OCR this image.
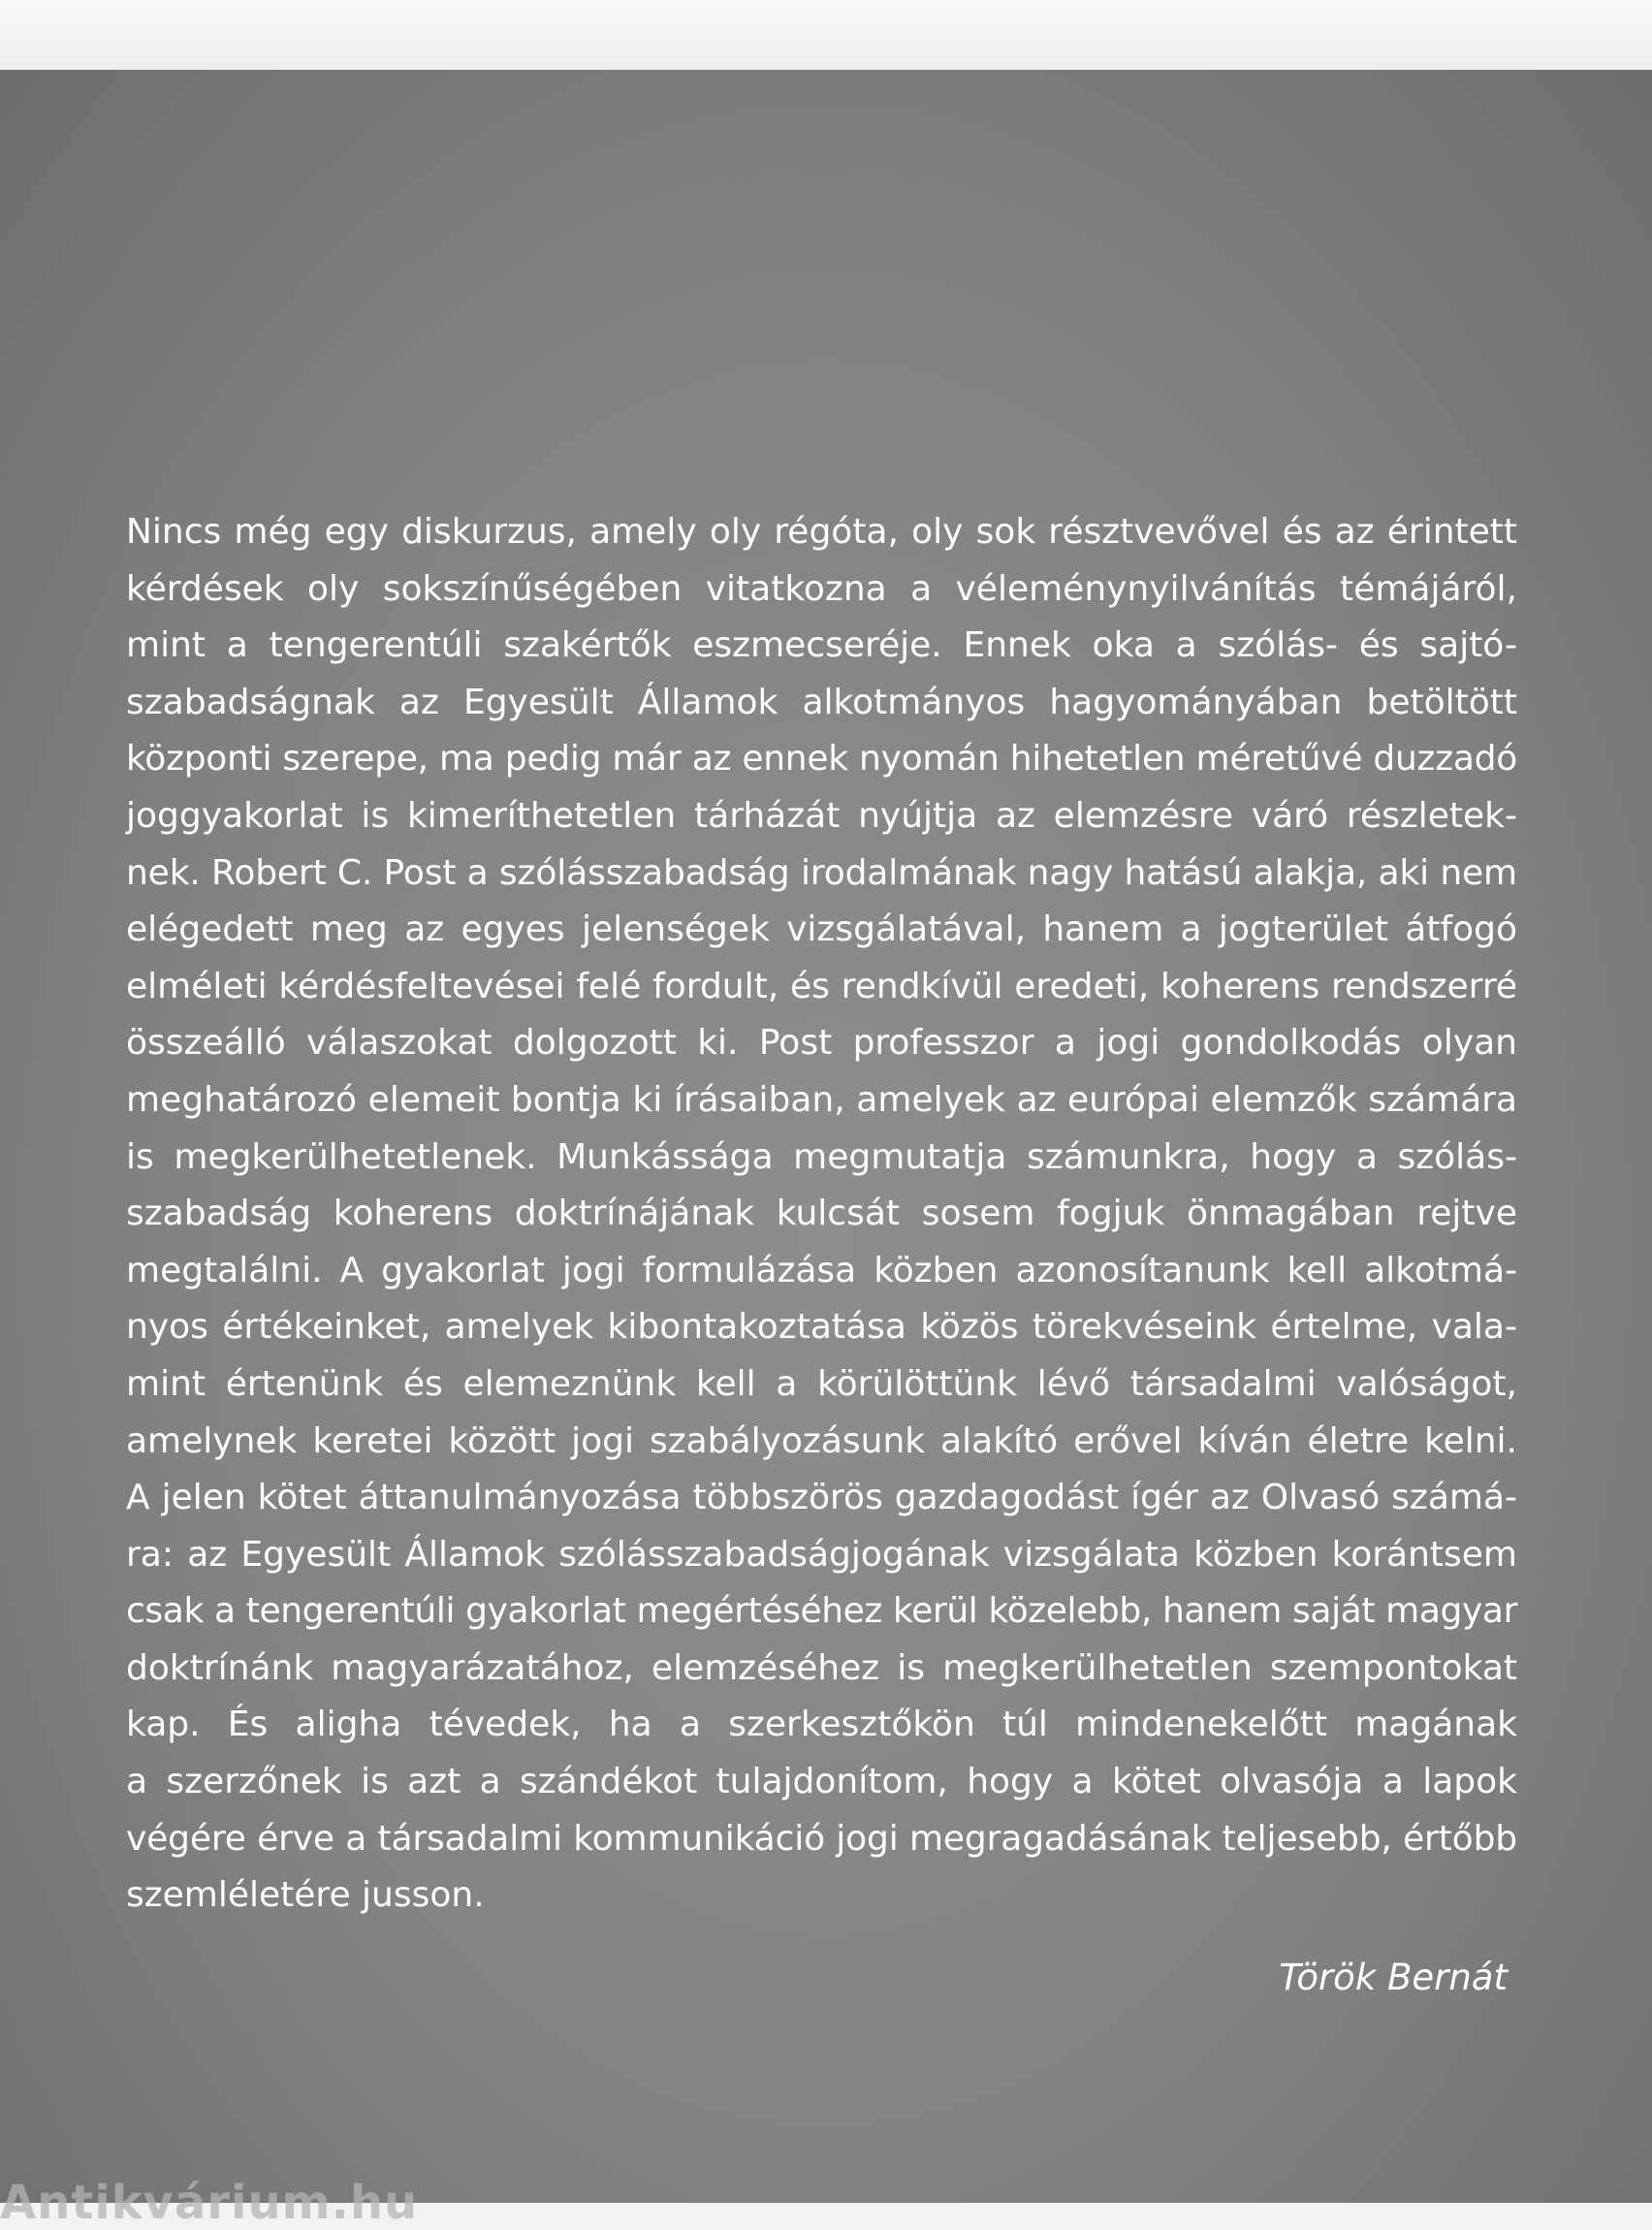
Nincs még egy diskurzus, amely oly régóta, oly sok résztvevővel és az érintett
kérdések oly sokszínűségében vitatkozna a véleménynyilvánítás témájáról,
mint a tengerentúli szakértők eszmecseréje. Ennek oka a szólás- és sajtó-
szabadságnak az Egyesült Államok alkotmányos hagyományában betöltött
központi szerepe, ma pedig már az ennek nyomán hihetetlen méretűvé duzzadó
joggyakorlat is kimeríthetetlen tárházát nyújtja az elemzésre váró részletek-
nek. Robert C. Post a szólásszabadság irodalmának nagy hatású alakja, aki nem
elégedett meg az egyes jelenségek vizsgálatával, hanem a jogterület átfogó
elméleti kérdésfeltevései felé fordult, és rendkívül eredeti, koherens rendszerré
összeálló válaszokat dolgozott ki. Post professzor a jogi gondolkodás olyan
meghatározó elemeit bontja ki írásaiban, amelyek az európai elemzők számára
is megkerülhetetlenek. Munkássága megmutatja számunkra, hogy a szólás-
szabadság koherens doktrínájának kulcsát sosem fogjuk önmagában rejtve
megtalálni. A gyakorlat jogi formulázása közben azonosítanunk kell alkotmá-
nyos értékeinket, amelyek kibontakoztatása közös törekvéseink értelme, vala-
mint értenünk és elemeznünk kell a körülöttünk lévő társadalmi valóságot,
amelynek keretei között jogi szabályozásunk alakító erővel kíván életre kelni.
A jelen kötet áttanulmányozása többszörös gazdagodást ígér az Olvasó számá-
ra: az Egyesült Államok szólásszabadságjogának vizsgálata közben korántsem
csak a tengerentúli gyakorlat megértéséhez kerül közelebb, hanem saját magyar
doktrínánk magyarázatához, elemzéséhez is megkerülhetetlen szempontokat
kap. És aligha tévedek, ha a szerkesztőkön túl mindenekelőtt magának
a szerzőnek is azt a szándékot tulajdonítom, hogy a kötet olvasója a lapok
végére érve a társadalmi kommunikáció jogi megragadásának teljesebb, értőbb
szemléletére jusson.
Török Bernát
Antikvárium.hu
